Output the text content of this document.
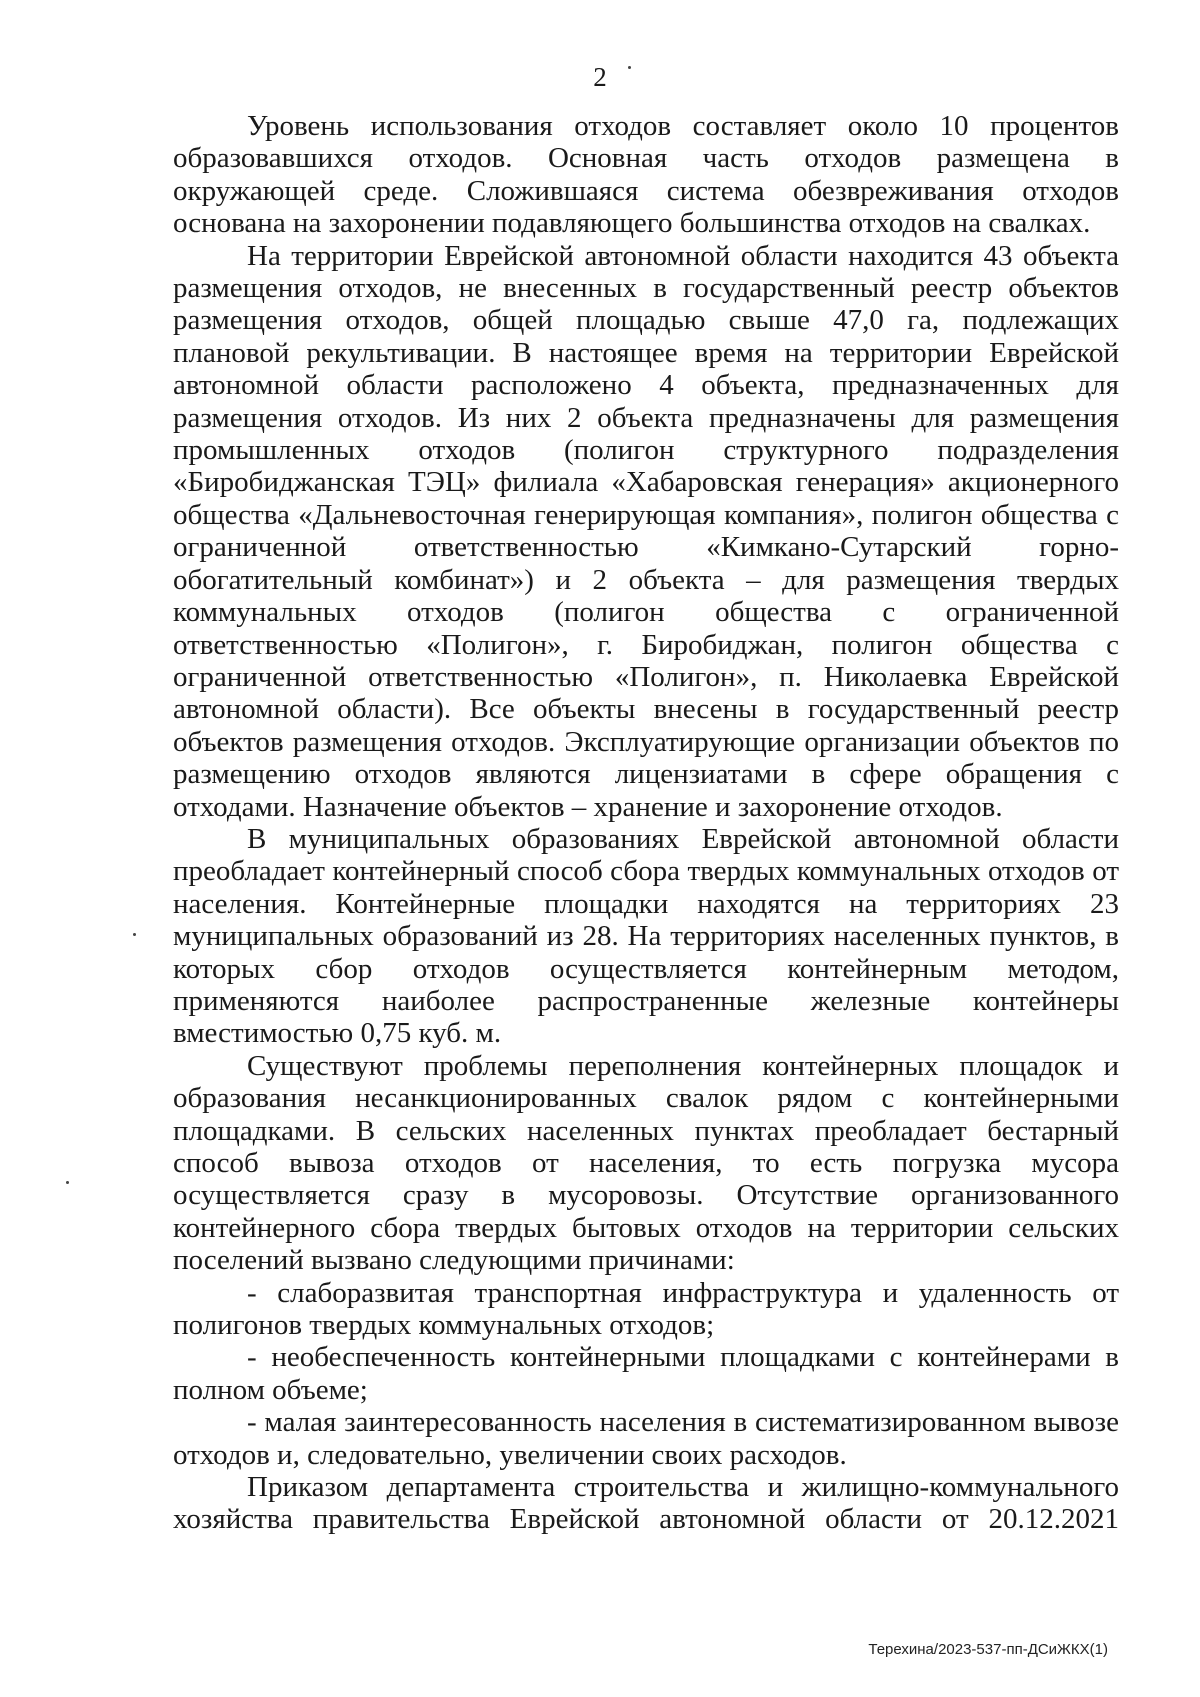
2

Уровень использования отходов составляет около 10 процентов образовавшихся отходов. Основная часть отходов размещена в окружающей среде. Сложившаяся система обезвреживания отходов основана на захоронении подавляющего большинства отходов на свалках.

На территории Еврейской автономной области находится 43 объекта размещения отходов, не внесенных в государственный реестр объектов размещения отходов, общей площадью свыше 47,0 га, подлежащих плановой рекультивации. В настоящее время на территории Еврейской автономной области расположено 4 объекта, предназначенных для размещения отходов. Из них 2 объекта предназначены для размещения промышленных отходов (полигон структурного подразделения «Биробиджанская ТЭЦ» филиала «Хабаровская генерация» акционерного общества «Дальневосточная генерирующая компания», полигон общества с ограниченной ответственностью «Кимкано-Сутарский горно-обогатительный комбинат») и 2 объекта – для размещения твердых коммунальных отходов (полигон общества с ограниченной ответственностью «Полигон», г. Биробиджан, полигон общества с ограниченной ответственностью «Полигон», п. Николаевка Еврейской автономной области). Все объекты внесены в государственный реестр объектов размещения отходов. Эксплуатирующие организации объектов по размещению отходов являются лицензиатами в сфере обращения с отходами. Назначение объектов – хранение и захоронение отходов.

В муниципальных образованиях Еврейской автономной области преобладает контейнерный способ сбора твердых коммунальных отходов от населения. Контейнерные площадки находятся на территориях 23 муниципальных образований из 28. На территориях населенных пунктов, в которых сбор отходов осуществляется контейнерным методом, применяются наиболее распространенные железные контейнеры вместимостью 0,75 куб. м.

Существуют проблемы переполнения контейнерных площадок и образования несанкционированных свалок рядом с контейнерными площадками. В сельских населенных пунктах преобладает бестарный способ вывоза отходов от населения, то есть погрузка мусора осуществляется сразу в мусоровозы. Отсутствие организованного контейнерного сбора твердых бытовых отходов на территории сельских поселений вызвано следующими причинами:

- слаборазвитая транспортная инфраструктура и удаленность от полигонов твердых коммунальных отходов;

- необеспеченность контейнерными площадками с контейнерами в полном объеме;

- малая заинтересованность населения в систематизированном вывозе отходов и, следовательно, увеличении своих расходов.

Приказом департамента строительства и жилищно-коммунального хозяйства правительства Еврейской автономной области от 20.12.2021

Терехина/2023-537-пп-ДСиЖКХ(1)
